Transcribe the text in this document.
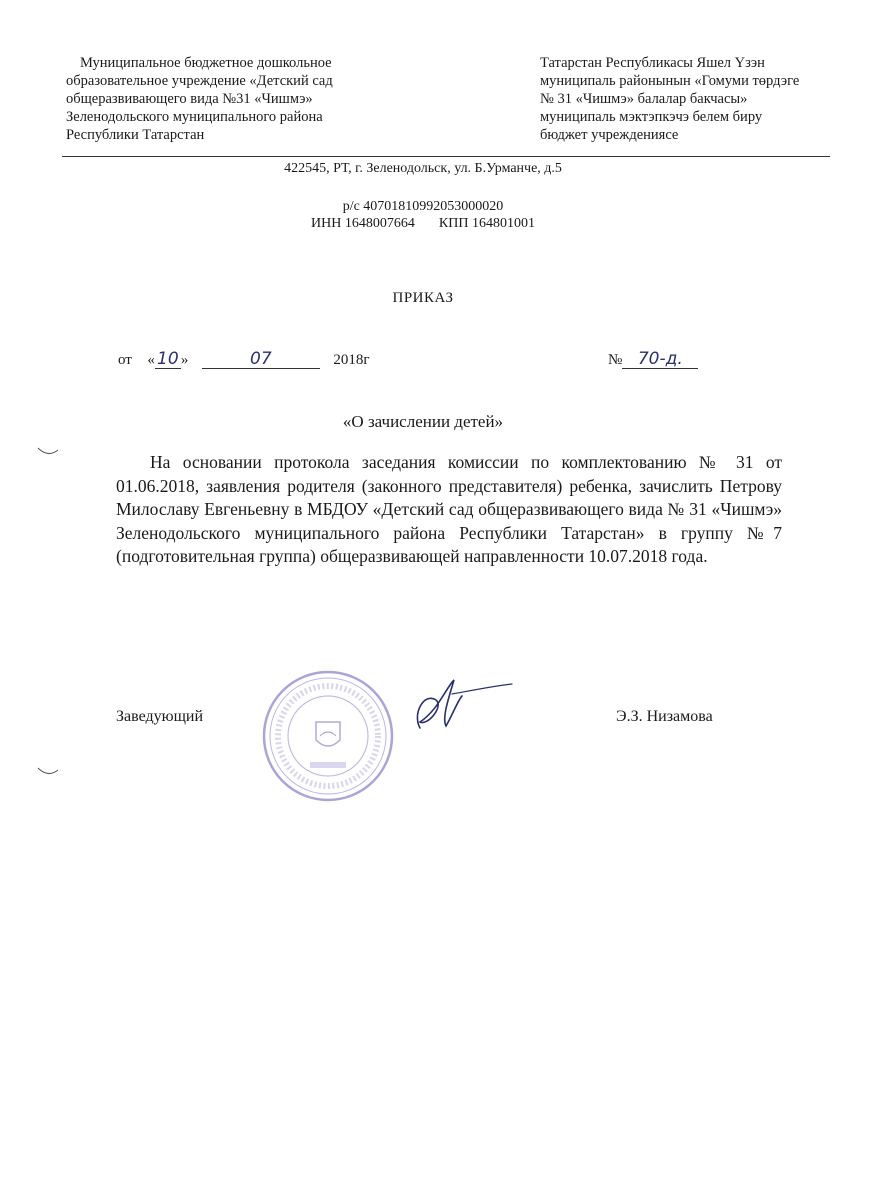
Муниципальное бюджетное дошкольное
образовательное учреждение «Детский сад
общеразвивающего вида №31 «Чишмэ»
Зеленодольского муниципального района
Республики Татарстан
Татарстан Республикасы Яшел Үзэн
муниципаль районынын «Гомуми төрдэге
№ 31 «Чишмэ» балалар бакчасы»
муниципаль мэктэпкэчэ белем биру
бюджет учреждениясе
422545, РТ, г. Зеленодольск, ул. Б.Урманче, д.5
р/с 40701810992053000020
ИНН 1648007664 КПП 164801001
ПРИКАЗ
от « 10 »	07	2018г	№ 70-д.
«О зачислении детей»
На основании протокола заседания комиссии по комплектованию № 31 от 01.06.2018, заявления родителя (законного представителя) ребенка, зачислить Петрову Милославу Евгеньевну в МБДОУ «Детский сад общеразвивающего вида № 31 «Чишмэ» Зеленодольского муниципального района Республики Татарстан» в группу №7 (подготовительная группа) общеразвивающей направленности 10.07.2018 года.
Заведующий	Э.З. Низамова
